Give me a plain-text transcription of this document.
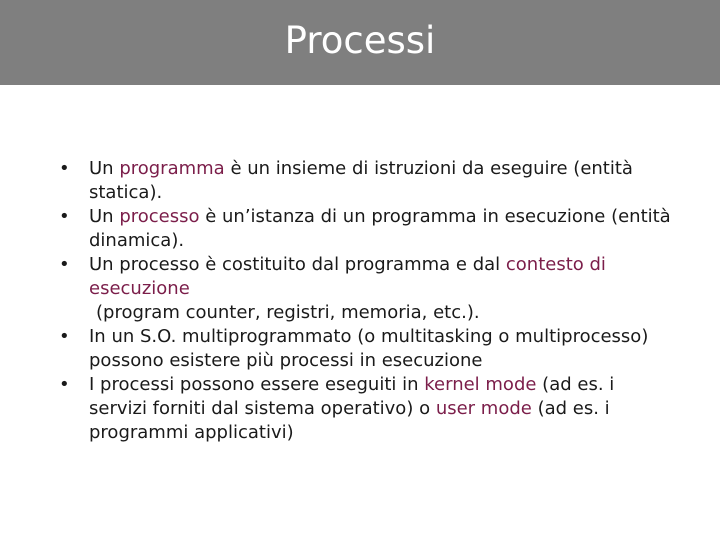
Processi
• Un programma è un insieme di istruzioni da eseguire (entità statica).
• Un processo è un’istanza di un programma in esecuzione (entità dinamica).
• Un processo è costituito dal programma e dal contesto di esecuzione
(program counter, registri, memoria, etc.).
• In un S.O. multiprogrammato (o multitasking o multiprocesso) possono esistere più processi in esecuzione
• I processi possono essere eseguiti in kernel mode (ad es. i servizi forniti dal sistema operativo) o user mode (ad es. i programmi applicativi)
